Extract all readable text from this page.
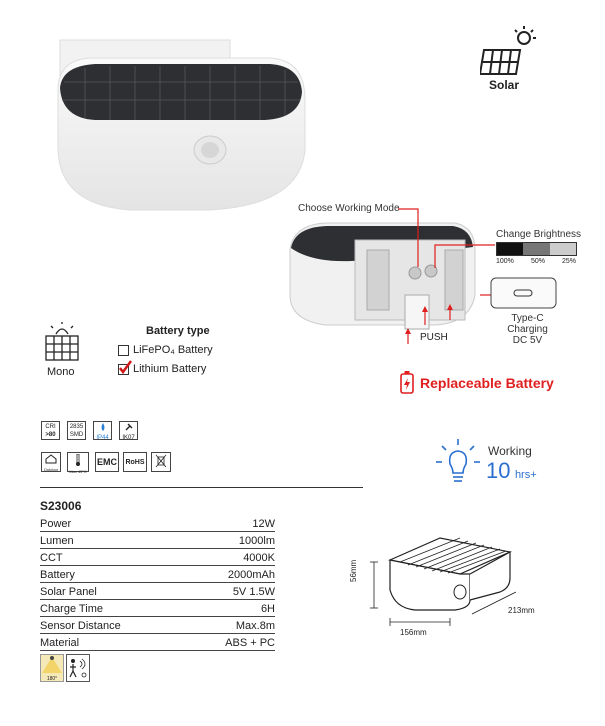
Solar
Choose Working Mode
Change Brightness
100% 50% 25%
Type-C Charging
DC 5V
PUSH
Replaceable Battery
Mono
Battery type
LiFePO₄ Battery
Lithium Battery
CRI
>80
2835
SMD	IP44	IK07
Outdoor	Max 45°C
EMC RoHS
Working
10 hrs+
S23006
Power	12W
Lumen	1000lm
CCT	4000K
Battery	2000mAh
Solar Panel	5V 1.5W
Charge Time	6H
Sensor Distance	Max.8m
Material	ABS + PC
180°
56mm
156mm
213mm
